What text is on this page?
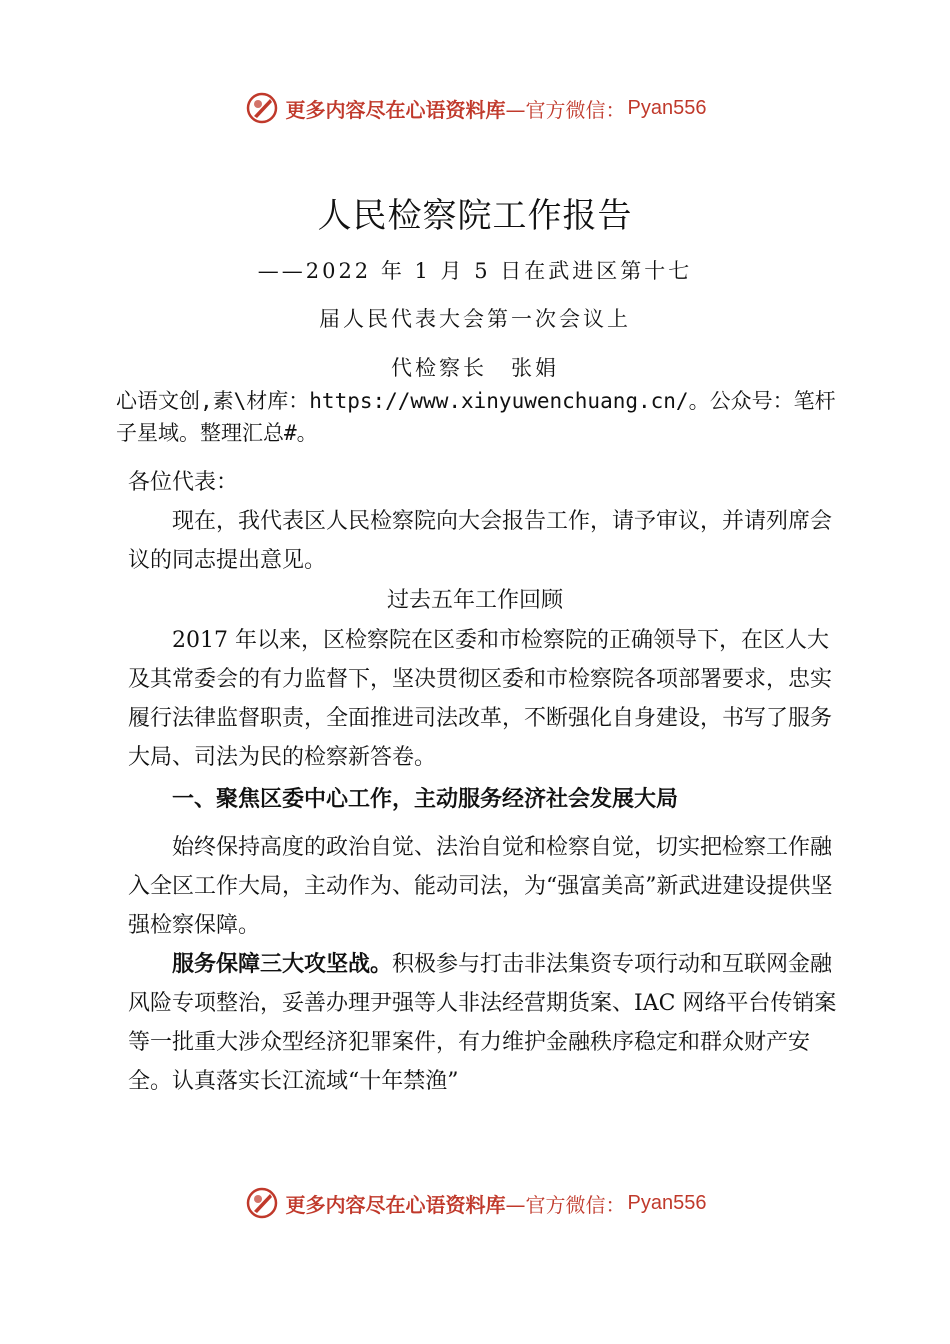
更多内容尽在心语资料库 —官方微信： Pyan556
人民检察院工作报告
——2022 年 1 月 5 日在武进区第十七
届人民代表大会第一次会议上
代检察长　张娟
心语文创,素\材库：https://www.xinyuwenchuang.cn/。公众号：笔杆子星域。整理汇总#。
各位代表：
现在，我代表区人民检察院向大会报告工作，请予审议，并请列席会议的同志提出意见。
过去五年工作回顾
2017 年以来，区检察院在区委和市检察院的正确领导下，在区人大及其常委会的有力监督下，坚决贯彻区委和市检察院各项部署要求，忠实履行法律监督职责，全面推进司法改革，不断强化自身建设，书写了服务大局、司法为民的检察新答卷。
一、聚焦区委中心工作，主动服务经济社会发展大局
始终保持高度的政治自觉、法治自觉和检察自觉，切实把检察工作融入全区工作大局，主动作为、能动司法，为“强富美高”新武进建设提供坚强检察保障。
服务保障三大攻坚战。积极参与打击非法集资专项行动和互联网金融风险专项整治，妥善办理尹强等人非法经营期货案、IAC 网络平台传销案等一批重大涉众型经济犯罪案件，有力维护金融秩序稳定和群众财产安全。认真落实长江流域“十年禁渔”
更多内容尽在心语资料库 —官方微信： Pyan556
